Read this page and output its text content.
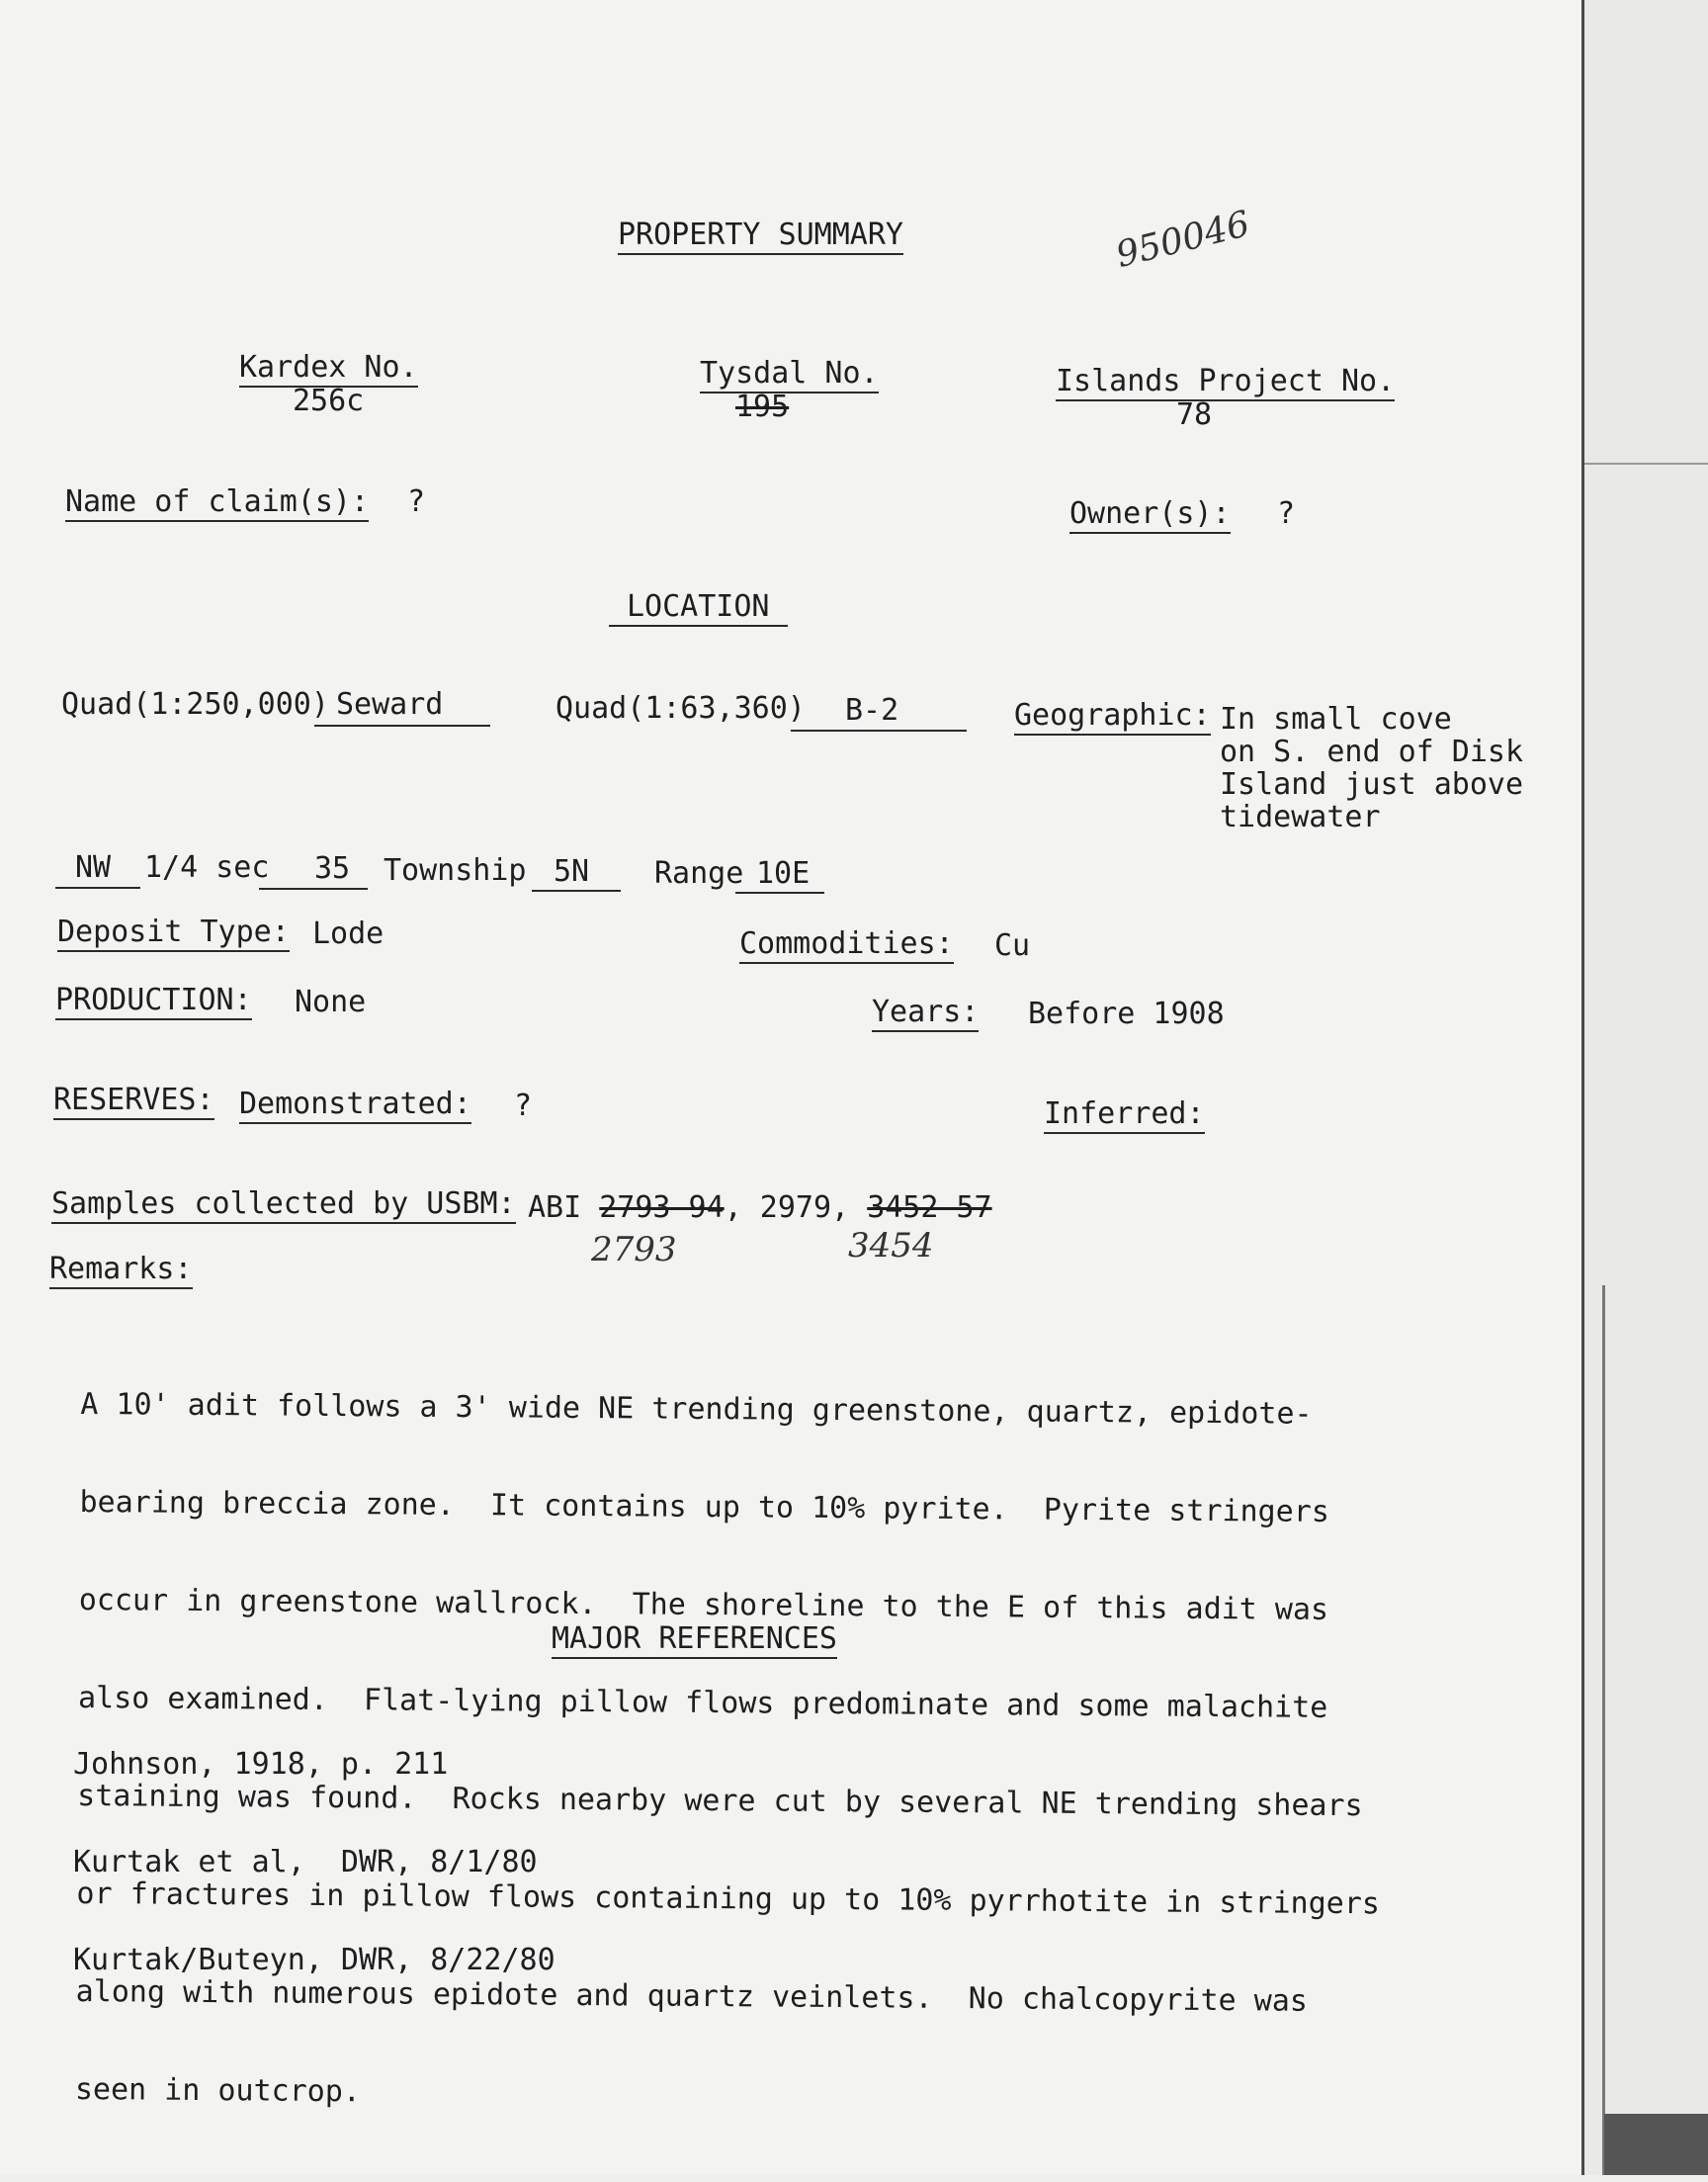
PROPERTY SUMMARY	950046
Kardex No.
256c
Tysdal No.
195
Islands Project No.
78
Name of claim(s): ?	Owner(s): ?
LOCATION
Quad(1:250,000) Seward	Quad(1:63,360) B-2	Geographic: In small cove
on S. end of Disk
Island just above
tidewater
NW 1/4 sec 35 Township 5N Range 10E
Deposit Type: Lode	Commodities: Cu
PRODUCTION: None	Years: Before 1908
RESERVES: Demonstrated: ?	Inferred:
Samples collected by USBM: ABI 2793-94, 2979, 3452-57
2793	3454
Remarks:

A 10' adit follows a 3' wide NE trending greenstone, quartz, epidote-

bearing breccia zone.  It contains up to 10% pyrite.  Pyrite stringers

occur in greenstone wallrock.  The shoreline to the E of this adit was

also examined.  Flat-lying pillow flows predominate and some malachite

staining was found.  Rocks nearby were cut by several NE trending shears

or fractures in pillow flows containing up to 10% pyrrhotite in stringers

along with numerous epidote and quartz veinlets.  No chalcopyrite was

seen in outcrop.

MAJOR REFERENCES

Johnson, 1918, p. 211

Kurtak et al,  DWR, 8/1/80

Kurtak/Buteyn, DWR, 8/22/80
